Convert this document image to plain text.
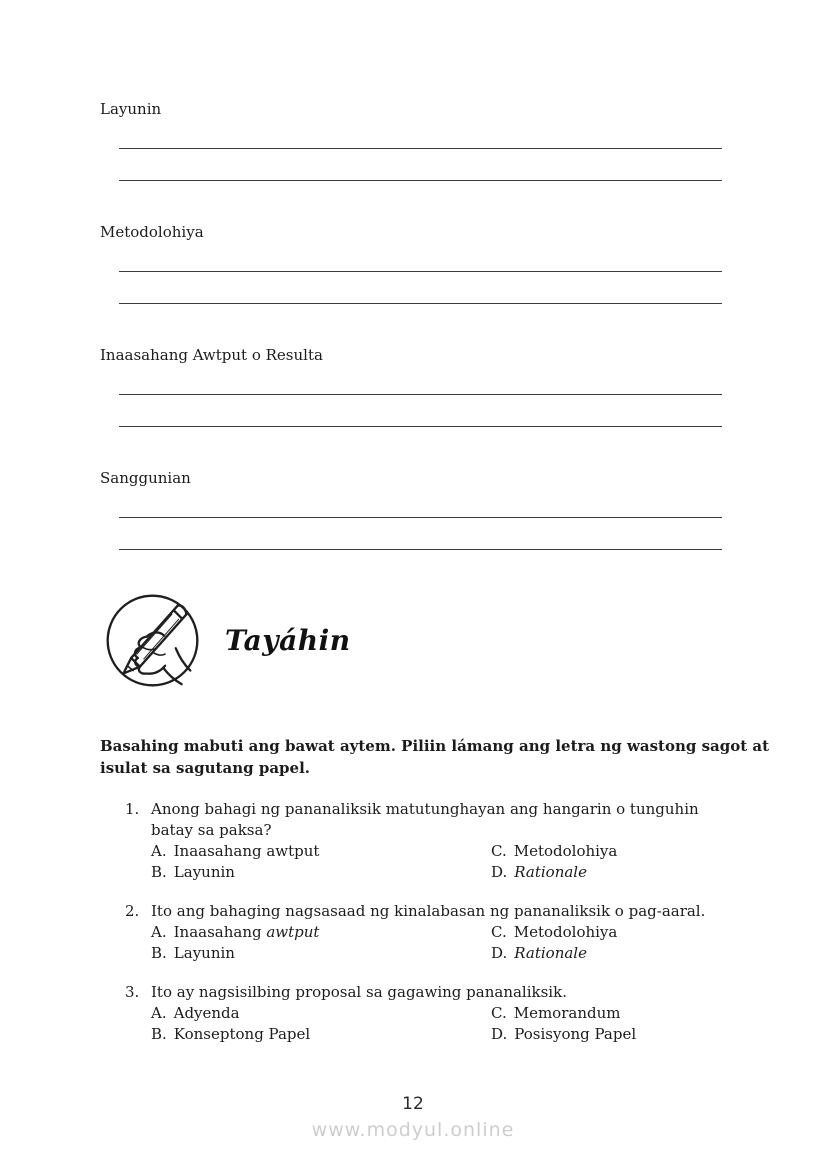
Layunin
Metodolohiya
Inaasahang Awtput o Resulta
Sanggunian
Tayáhin
Basahing mabuti ang bawat aytem. Piliin lámang ang letra ng wastong sagot at
isulat sa sagutang papel.
1. Anong bahagi ng pananaliksik matutunghayan ang hangarin o tunguhin
batay sa paksa?
A. Inaasahang awtput
B. Layunin
C. Metodolohiya
D. Rationale
2. Ito ang bahaging nagsasaad ng kinalabasan ng pananaliksik o pag-aaral.
A. Inaasahang awtput
B. Layunin
C. Metodolohiya
D. Rationale
3. Ito ay nagsisilbing proposal sa gagawing pananaliksik.
A. Adyenda
B. Konseptong Papel
C. Memorandum
D. Posisyong Papel
12
www.modyul.online
